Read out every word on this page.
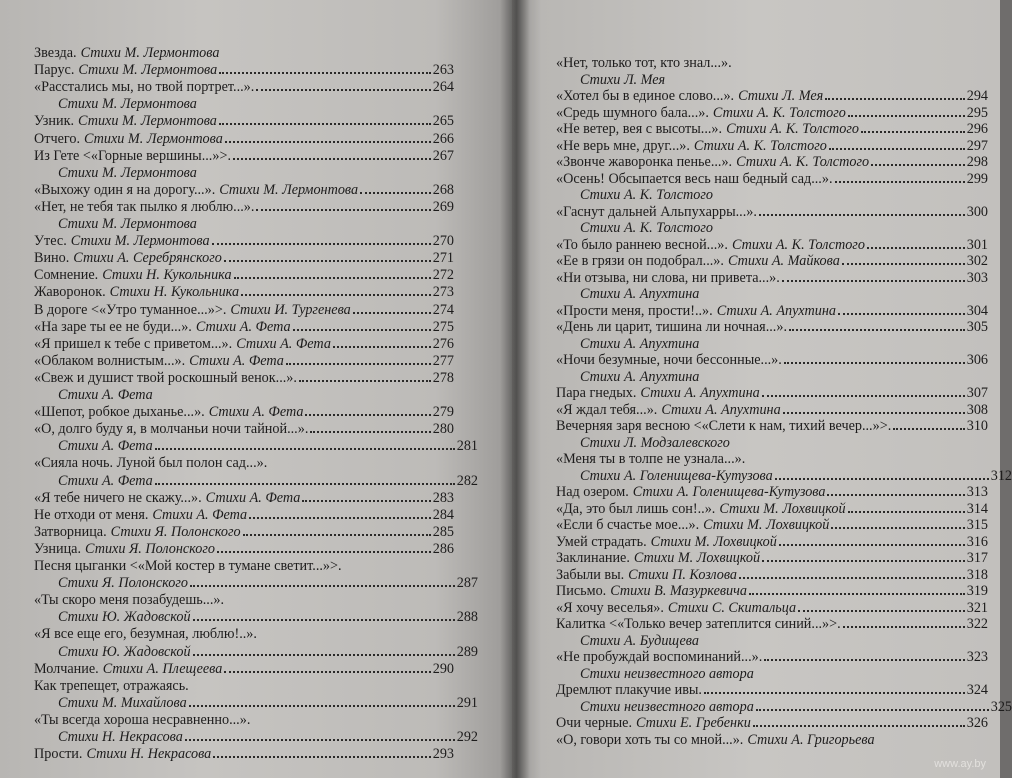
Звезда. Стихи М. Лермонтова
Парус. Стихи М. Лермонтова	263
«Расстались мы, но твой портрет...».	264
Стихи М. Лермонтова
Узник. Стихи М. Лермонтова	265
Отчего. Стихи М. Лермонтова	266
Из Гете <«Горные вершины...»>.	267
Стихи М. Лермонтова
«Выхожу один я на дорогу...». Стихи М. Лермонтова	268
«Нет, не тебя так пылко я люблю...».	269
Стихи М. Лермонтова
Утес. Стихи М. Лермонтова	270
Вино. Стихи А. Серебрянского	271
Сомнение. Стихи Н. Кукольника	272
Жаворонок. Стихи Н. Кукольника	273
В дороге <«Утро туманное...»>. Стихи И. Тургенева	274
«На заре ты ее не буди...». Стихи А. Фета	275
«Я пришел к тебе с приветом...». Стихи А. Фета	276
«Облаком волнистым...». Стихи А. Фета	277
«Свеж и душист твой роскошный венок...».	278
Стихи А. Фета
«Шепот, робкое дыханье...». Стихи А. Фета	279
«О, долго буду я, в молчаньи ночи тайной...».	280
Стихи А. Фета	281
«Сияла ночь. Луной был полон сад...».
Стихи А. Фета	282
«Я тебе ничего не скажу...». Стихи А. Фета	283
Не отходи от меня. Стихи А. Фета	284
Затворница. Стихи Я. Полонского	285
Узница. Стихи Я. Полонского	286
Песня цыганки <«Мой костер в тумане светит...»>.
Стихи Я. Полонского	287
«Ты скоро меня позабудешь...».
Стихи Ю. Жадовской	288
«Я все еще его, безумная, люблю!..».
Стихи Ю. Жадовской	289
Молчание. Стихи А. Плещеева	290
Как трепещет, отражаясь.
Стихи М. Михайлова	291
«Ты всегда хороша несравненно...».
Стихи Н. Некрасова	292
Прости. Стихи Н. Некрасова	293
«Нет, только тот, кто знал...».
Стихи Л. Мея
«Хотел бы в единое слово...». Стихи Л. Мея	294
«Средь шумного бала...». Стихи А. К. Толстого	295
«Не ветер, вея с высоты...». Стихи А. К. Толстого	296
«Не верь мне, друг...». Стихи А. К. Толстого	297
«Звонче жаворонка пенье...». Стихи А. К. Толстого	298
«Осень! Обсыпается весь наш бедный сад...».	299
Стихи А. К. Толстого
«Гаснут дальней Альпухарры...».	300
Стихи А. К. Толстого
«То было раннею весной...». Стихи А. К. Толстого	301
«Ее в грязи он подобрал...». Стихи А. Майкова	302
«Ни отзыва, ни слова, ни привета...».	303
Стихи А. Апухтина
«Прости меня, прости!..». Стихи А. Апухтина	304
«День ли царит, тишина ли ночная...».	305
Стихи А. Апухтина
«Ночи безумные, ночи бессонные...».	306
Стихи А. Апухтина
Пара гнедых. Стихи А. Апухтина	307
«Я ждал тебя...». Стихи А. Апухтина	308
Вечерняя заря весною <«Слети к нам, тихий вечер...»>.	310
Стихи Л. Модзалевского
«Меня ты в толпе не узнала...».
Стихи А. Голенищева-Кутузова	312
Над озером. Стихи А. Голенищева-Кутузова	313
«Да, это был лишь сон!..». Стихи М. Лохвицкой	314
«Если б счастье мое...». Стихи М. Лохвицкой	315
Умей страдать. Стихи М. Лохвицкой	316
Заклинание. Стихи М. Лохвицкой	317
Забыли вы. Стихи П. Козлова	318
Письмо. Стихи В. Мазуркевича	319
«Я хочу веселья». Стихи С. Скитальца	321
Калитка <«Только вечер затеплится синий...»>.	322
Стихи А. Будищева
«Не пробуждай воспоминаний...».	323
Стихи неизвестного автора
Дремлют плакучие ивы.	324
Стихи неизвестного автора	325
Очи черные. Стихи Е. Гребенки	326
«О, говори хоть ты со мной...». Стихи А. Григорьева
www.ay.by
